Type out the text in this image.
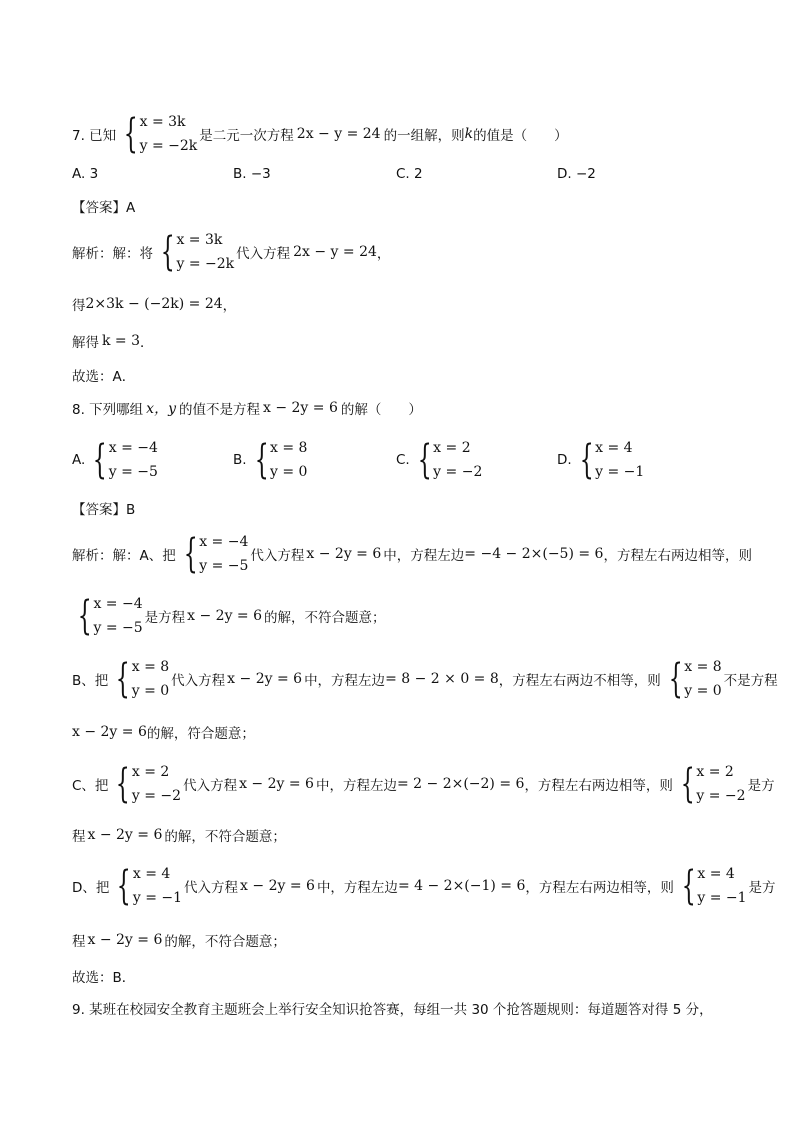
7. 已知 { x = 3k
y = −2k
是二元一次方程 2x − y = 24 的一组解，则 k 的值是（　　）
A. 3	B. −3	C. 2	D. −2
【答案】A
解析：解：将 { x = 3k
y = −2k
代入方程 2x − y = 24 ，
得 2×3k − (−2k) = 24 ，
解得 k = 3 ．
故选：A．
8. 下列哪组 x，y 的值不是方程 x − 2y = 6 的解（　　）
A. { x = −4
y = −5
B. { x = 8
y = 0
C. { x = 2
y = −2
D. { x = 4
y = −1
【答案】B
解析：解：A、把 { x = −4
y = −5
代入方程 x − 2y = 6 中，方程左边 = −4 − 2×(−5) = 6 ，方程左右两边相等，则
{ x = −4
y = −5
是方程 x − 2y = 6 的解，不符合题意；
B、把 { x = 8
y = 0
代入方程 x − 2y = 6 中，方程左边 = 8 − 2 × 0 = 8 ，方程左右两边不相等，则 { x = 8
y = 0
不是方程
x − 2y = 6 的解，符合题意；
C、把 { x = 2
y = −2
代入方程 x − 2y = 6 中，方程左边 = 2 − 2×(−2) = 6 ，方程左右两边相等，则 { x = 2
y = −2
是方
程 x − 2y = 6 的解，不符合题意；
D、把 { x = 4
y = −1
代入方程 x − 2y = 6 中，方程左边 = 4 − 2×(−1) = 6 ，方程左右两边相等，则 { x = 4
y = −1
是方
程 x − 2y = 6 的解，不符合题意；
故选：B．
9. 某班在校园安全教育主题班会上举行安全知识抢答赛，每组一共 30 个抢答题规则：每道题答对得 5 分，
